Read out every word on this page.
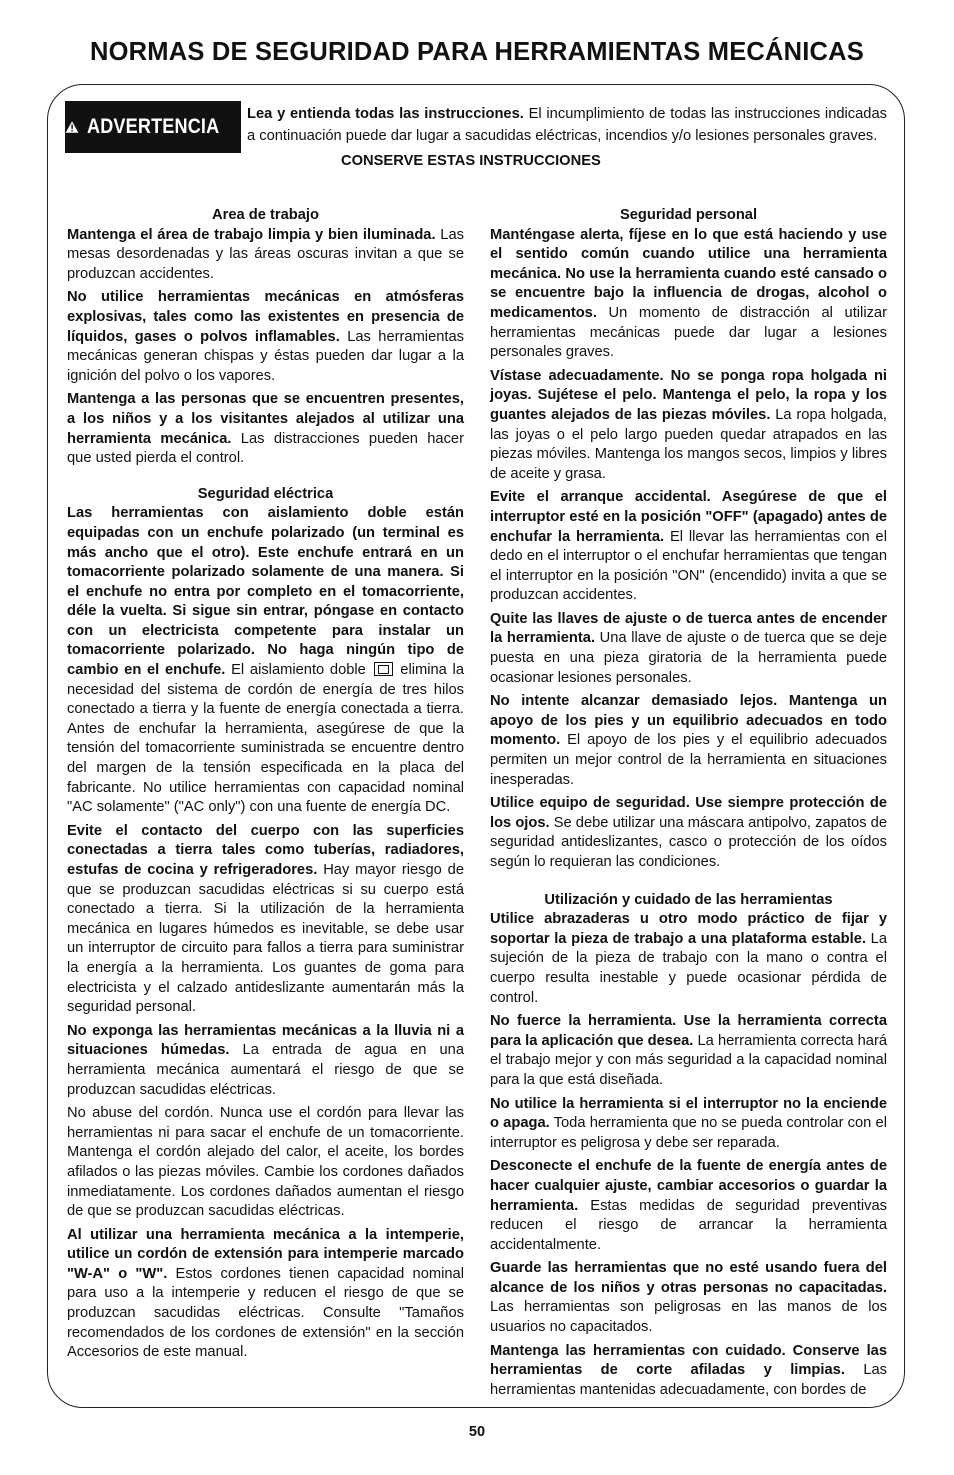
NORMAS DE SEGURIDAD PARA HERRAMIENTAS MECÁNICAS
ADVERTENCIA
Lea y entienda todas las instrucciones. El incumplimiento de todas las instrucciones indicadas a continuación puede dar lugar a sacudidas eléctricas, incendios y/o lesiones personales graves.
CONSERVE ESTAS INSTRUCCIONES
Area de trabajo

Mantenga el área de trabajo limpia y bien iluminada. Las mesas desordenadas y las áreas oscuras invitan a que se produzcan accidentes.

No utilice herramientas mecánicas en atmósferas explosivas, tales como las existentes en presencia de líquidos, gases o polvos inflamables. Las herramientas mecánicas generan chispas y éstas pueden dar lugar a la ignición del polvo o los vapores.

Mantenga a las personas que se encuentren presentes, a los niños y a los visitantes alejados al utilizar una herramienta mecánica. Las distracciones pueden hacer que usted pierda el control.

Seguridad eléctrica

Las herramientas con aislamiento doble están equipadas con un enchufe polarizado (un terminal es más ancho que el otro). Este enchufe entrará en un tomacorriente polarizado solamente de una manera. Si el enchufe no entra por completo en el tomacorriente, déle la vuelta. Si sigue sin entrar, póngase en contacto con un electricista competente para instalar un tomacorriente polarizado. No haga ningún tipo de cambio en el enchufe. El aislamiento doble  elimina la necesidad del sistema de cordón de energía de tres hilos conectado a tierra y la fuente de energía conectada a tierra. Antes de enchufar la herramienta, asegúrese de que la tensión del tomacorriente suministrada se encuentre dentro del margen de la tensión especificada en la placa del fabricante. No utilice herramientas con capacidad nominal "AC solamente" ("AC only") con una fuente de energía DC.

Evite el contacto del cuerpo con las superficies conectadas a tierra tales como tuberías, radiadores, estufas de cocina y refrigeradores. Hay mayor riesgo de que se produzcan sacudidas eléctricas si su cuerpo está conectado a tierra. Si la utilización de la herramienta mecánica en lugares húmedos es inevitable, se debe usar un interruptor de circuito para fallos a tierra para suministrar la energía a la herramienta. Los guantes de goma para electricista y el calzado antideslizante aumentarán más la seguridad personal.

No exponga las herramientas mecánicas a la lluvia ni a situaciones húmedas. La entrada de agua en una herramienta mecánica aumentará el riesgo de que se produzcan sacudidas eléctricas.

No abuse del cordón. Nunca use el cordón para llevar las herramientas ni para sacar el enchufe de un tomacorriente. Mantenga el cordón alejado del calor, el aceite, los bordes afilados o las piezas móviles. Cambie los cordones dañados inmediatamente. Los cordones dañados aumentan el riesgo de que se produzcan sacudidas eléctricas.

Al utilizar una herramienta mecánica a la intemperie, utilice un cordón de extensión para intemperie marcado "W-A" o "W". Estos cordones tienen capacidad nominal para uso a la intemperie y reducen el riesgo de que se produzcan sacudidas eléctricas. Consulte "Tamaños recomendados de los cordones de extensión" en la sección Accesorios de este manual.

Seguridad personal

Manténgase alerta, fíjese en lo que está haciendo y use el sentido común cuando utilice una herramienta mecánica. No use la herramienta cuando esté cansado o se encuentre bajo la influencia de drogas, alcohol o medicamentos. Un momento de distracción al utilizar herramientas mecánicas puede dar lugar a lesiones personales graves.

Vístase adecuadamente. No se ponga ropa holgada ni joyas. Sujétese el pelo. Mantenga el pelo, la ropa y los guantes alejados de las piezas móviles. La ropa holgada, las joyas o el pelo largo pueden quedar atrapados en las piezas móviles. Mantenga los mangos secos, limpios y libres de aceite y grasa.

Evite el arranque accidental. Asegúrese de que el interruptor esté en la posición "OFF" (apagado) antes de enchufar la herramienta. El llevar las herramientas con el dedo en el interruptor o el enchufar herramientas que tengan el interruptor en la posición "ON" (encendido) invita a que se produzcan accidentes.

Quite las llaves de ajuste o de tuerca antes de encender la herramienta. Una llave de ajuste o de tuerca que se deje puesta en una pieza giratoria de la herramienta puede ocasionar lesiones personales.

No intente alcanzar demasiado lejos. Mantenga un apoyo de los pies y un equilibrio adecuados en todo momento. El apoyo de los pies y el equilibrio adecuados permiten un mejor control de la herramienta en situaciones inesperadas.

Utilice equipo de seguridad. Use siempre protección de los ojos. Se debe utilizar una máscara antipolvo, zapatos de seguridad antideslizantes, casco o protección de los oídos según lo requieran las condiciones.

Utilización y cuidado de las herramientas

Utilice abrazaderas u otro modo práctico de fijar y soportar la pieza de trabajo a una plataforma estable. La sujeción de la pieza de trabajo con la mano o contra el cuerpo resulta inestable y puede ocasionar pérdida de control.

No fuerce la herramienta. Use la herramienta correcta para la aplicación que desea. La herramienta correcta hará el trabajo mejor y con más seguridad a la capacidad nominal para la que está diseñada.

No utilice la herramienta si el interruptor no la enciende o apaga. Toda herramienta que no se pueda controlar con el interruptor es peligrosa y debe ser reparada.

Desconecte el enchufe de la fuente de energía antes de hacer cualquier ajuste, cambiar accesorios o guardar la herramienta. Estas medidas de seguridad preventivas reducen el riesgo de arrancar la herramienta accidentalmente.

Guarde las herramientas que no esté usando fuera del alcance de los niños y otras personas no capacitadas. Las herramientas son peligrosas en las manos de los usuarios no capacitados.

Mantenga las herramientas con cuidado. Conserve las herramientas de corte afiladas y limpias. Las herramientas mantenidas adecuadamente, con bordes de

50
